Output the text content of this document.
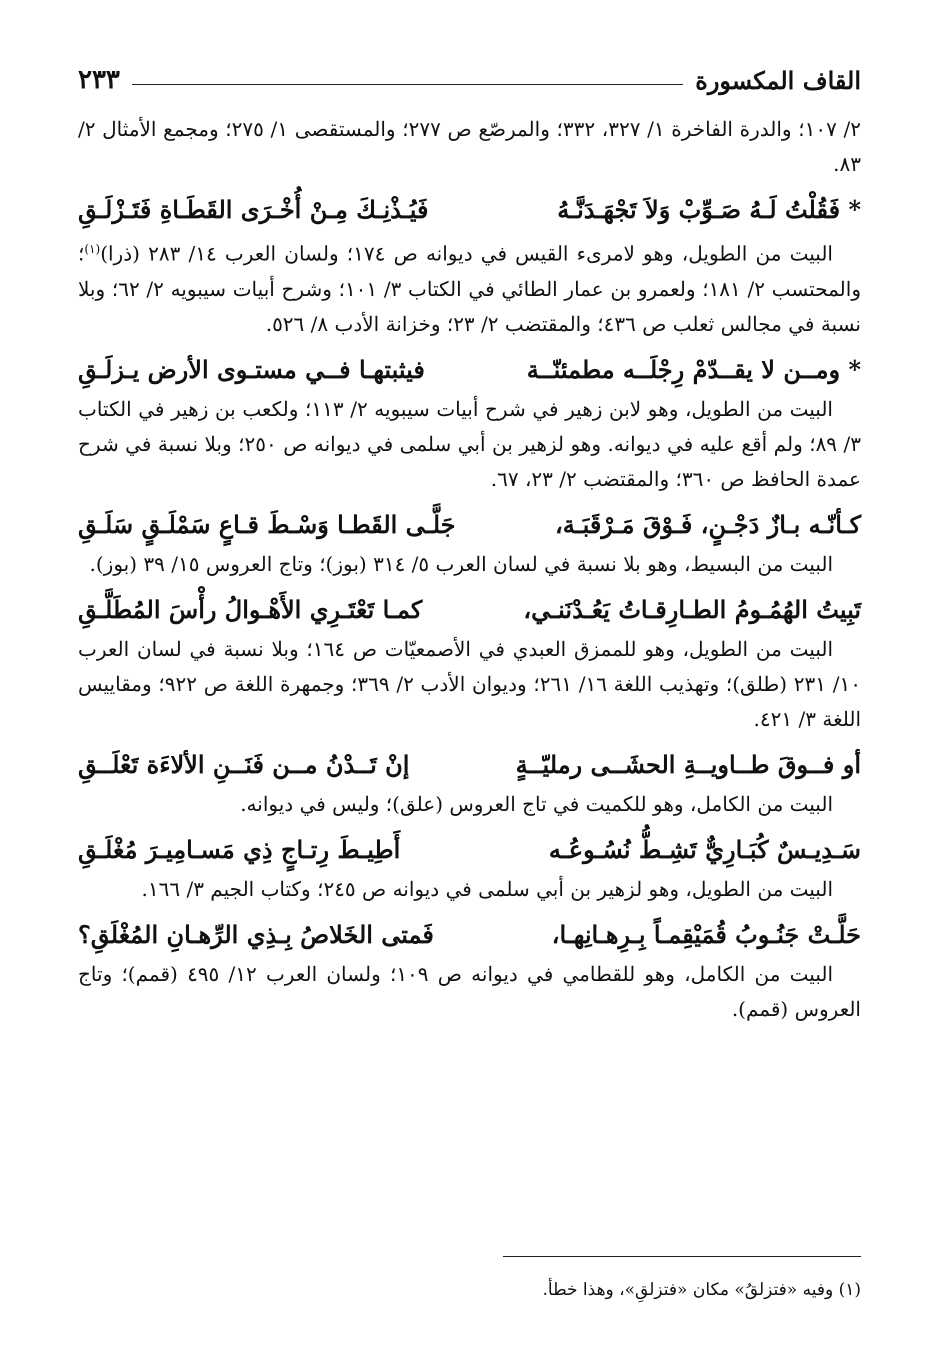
القاف المكسورة
٢٣٣

٢/ ١٠٧؛ والدرة الفاخرة ١/ ٣٢٧، ٣٣٢؛ والمرصّع ص ٢٧٧؛ والمستقصى ١/ ٢٧٥؛ ومجمع الأمثال ٢/ ٨٣.

* فَقُلْتُ لَـهُ صَـوِّبْ وَلاَ تَجْهَـدَنَّـهُ
فَيُـذْنِـكَ مِـنْ أُخْـرَى القَطَـاةِ فَتَـزْلَـقِ

البيت من الطويل، وهو لامرىء القيس في ديوانه ص ١٧٤؛ ولسان العرب ١٤/ ٢٨٣ (ذرا)$^{(١)}$؛ والمحتسب ٢/ ١٨١؛ ولعمرو بن عمار الطائي في الكتاب ٣/ ١٠١؛ وشرح أبيات سيبويه ٢/ ٦٢؛ وبلا نسبة في مجالس ثعلب ص ٤٣٦؛ والمقتضب ٢/ ٢٣؛ وخزانة الأدب ٨/ ٥٢٦.

* ومــن لا يقــدّمْ رِجْلَــه مطمئنّــة
فيثبتهـا فــي مستـوى الأرض يـزلَـقِ

البيت من الطويل، وهو لابن زهير في شرح أبيات سيبويه ٢/ ١١٣؛ ولكعب بن زهير في الكتاب ٣/ ٨٩؛ ولم أقع عليه في ديوانه. وهو لزهير بن أبي سلمى في ديوانه ص ٢٥٠؛ وبلا نسبة في شرح عمدة الحافظ ص ٣٦٠؛ والمقتضب ٢/ ٢٣، ٦٧.

كـأنّـه بـازٌ دَجْـنٍ، فَـوْقَ مَـرْقَبَـة،
جَلَّـى القَطـا وَسْـطَ قـاعٍ سَمْلَـقٍ سَلَـقِ

البيت من البسيط، وهو بلا نسبة في لسان العرب ٥/ ٣١٤ (بوز)؛ وتاج العروس ١٥/ ٣٩ (بوز).

تَبِيتُ الهُمُـومُ الطـارِقـاتُ يَعُـدْنَنـي،
كمـا تَعْتَـرِي الأَهْـوالُ رأْسَ المُطَلَّـقِ

البيت من الطويل، وهو للممزق العبدي في الأصمعيّات ص ١٦٤؛ وبلا نسبة في لسان العرب ١٠/ ٢٣١ (طلق)؛ وتهذيب اللغة ١٦/ ٢٦١؛ وديوان الأدب ٢/ ٣٦٩؛ وجمهرة اللغة ص ٩٢٢؛ ومقاييس اللغة ٣/ ٤٢١.

أو فــوقَ طــاويــةِ الحشَــى رمليّــةٍ
إنْ تَــدْنُ مــن فَنَــنِ الألاءَة تَعْلَــقِ

البيت من الكامل، وهو للكميت في تاج العروس (علق)؛ وليس في ديوانه.

سَـدِيـسٌ كُبَـارِيٌّ تَشِـطُّ نُسُـوعُـه
أَطِيـطَ رِتـاجٍ ذِي مَسـامِيـرَ مُغْلَـقِ

البيت من الطويل، وهو لزهير بن أبي سلمى في ديوانه ص ٢٤٥؛ وكتاب الجيم ٣/ ١٦٦.

حَلَّـتْ جَنُـوبُ قُمَيْقِمـاً بِـرِهـانِهـا،
فَمتى الخَلاصُ بِـذِي الرِّهـانِ المُغْلَقِ؟

البيت من الكامل، وهو للقطامي في ديوانه ص ١٠٩؛ ولسان العرب ١٢/ ٤٩٥ (قمم)؛ وتاج العروس (قمم).

(١) وفيه «فتزلقُ» مكان «فتزلقِ»، وهذا خطأ.
